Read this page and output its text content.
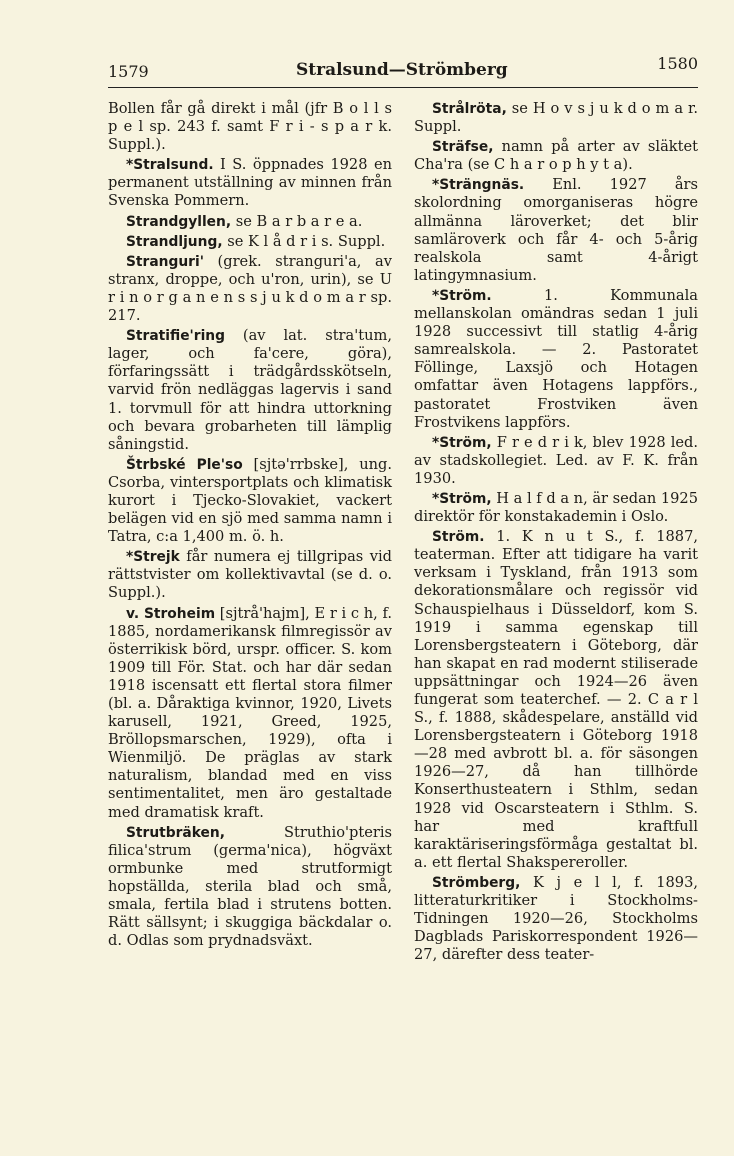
1579	Stralsund—Strömberg	1580

Bollen får gå direkt i mål (jfr B o l l s p e l sp. 243 f. samt F r i - s p a r k. Suppl.).

*Stralsund. I S. öppnades 1928 en permanent utställning av minnen från Svenska Pommern.

Strandgyllen, se B a r b a r e a.

Strandljung, se K l å d r i s. Suppl.

Stranguri' (grek. stranguri'a, av stranx, droppe, och u'ron, urin), se U r i n o r g a n e n s s j u k d o m a r sp. 217.

Stratifie'ring (av lat. stra'tum, lager, och fa'cere, göra), förfaringssätt i trädgårdsskötseln, varvid frön nedläggas lagervis i sand 1. torvmull för att hindra uttorkning och bevara grobarheten till lämplig såningstid.

Štrbské Ple'so [sjtə'rrbske], ung. Csorba, vintersportplats och klimatisk kurort i Tjecko-Slovakiet, vackert belägen vid en sjö med samma namn i Tatra, c:a 1,400 m. ö. h.

*Strejk får numera ej tillgripas vid rättstvister om kollektivavtal (se d. o. Suppl.).

v. Stroheim [sjtrå'hajm], E r i c h, f. 1885, nordamerikansk filmregissör av österrikisk börd, urspr. officer. S. kom 1909 till För. Stat. och har där sedan 1918 iscensatt ett flertal stora filmer (bl. a. Dåraktiga kvinnor, 1920, Livets karusell, 1921, Greed, 1925, Bröllopsmarschen, 1929), ofta i Wienmiljö. De präglas av stark naturalism, blandad med en viss sentimentalitet, men äro gestaltade med dramatisk kraft.

Strutbräken, Struthio'pteris filica'strum (germa'nica), högväxt ormbunke med strutformigt hopställda, sterila blad och små, smala, fertila blad i strutens botten. Rätt sällsynt; i skuggiga bäckdalar o. d. Odlas som prydnadsväxt.

Strålröta, se H o v s j u k d o m a r. Suppl.

Sträfse, namn på arter av släktet Cha'ra (se C h a r o p h y t a).

*Strängnäs. Enl. 1927 års skolordning omorganiseras högre allmänna läroverket; det blir samläroverk och får 4- och 5-årig realskola samt 4-årigt latingymnasium.

*Ström. 1. Kommunala mellanskolan omändras sedan 1 juli 1928 successivt till statlig 4-årig samrealskola. — 2. Pastoratet Föllinge, Laxsjö och Hotagen omfattar även Hotagens lappförs., pastoratet Frostviken även Frostvikens lappförs.

*Ström, F r e d r i k, blev 1928 led. av stadskollegiet. Led. av F. K. från 1930.

*Ström, H a l f d a n, är sedan 1925 direktör för konstakademin i Oslo.

Ström. 1. K n u t S., f. 1887, teaterman. Efter att tidigare ha varit verksam i Tyskland, från 1913 som dekorationsmålare och regissör vid Schauspielhaus i Düsseldorf, kom S. 1919 i samma egenskap till Lorensbergsteatern i Göteborg, där han skapat en rad modernt stiliserade uppsättningar och 1924—26 även fungerat som teaterchef. — 2. C a r l S., f. 1888, skådespelare, anställd vid Lorensbergsteatern i Göteborg 1918—28 med avbrott bl. a. för säsongen 1926—27, då han tillhörde Konserthusteatern i Sthlm, sedan 1928 vid Oscarsteatern i Sthlm. S. har med kraftfull karaktäriseringsförmåga gestaltat bl. a. ett flertal Shakspereroller.

Strömberg, K j e l l, f. 1893, litteraturkritiker i Stockholms-Tidningen 1920—26, Stockholms Dagblads Pariskorrespondent 1926—27, därefter dess teater-
